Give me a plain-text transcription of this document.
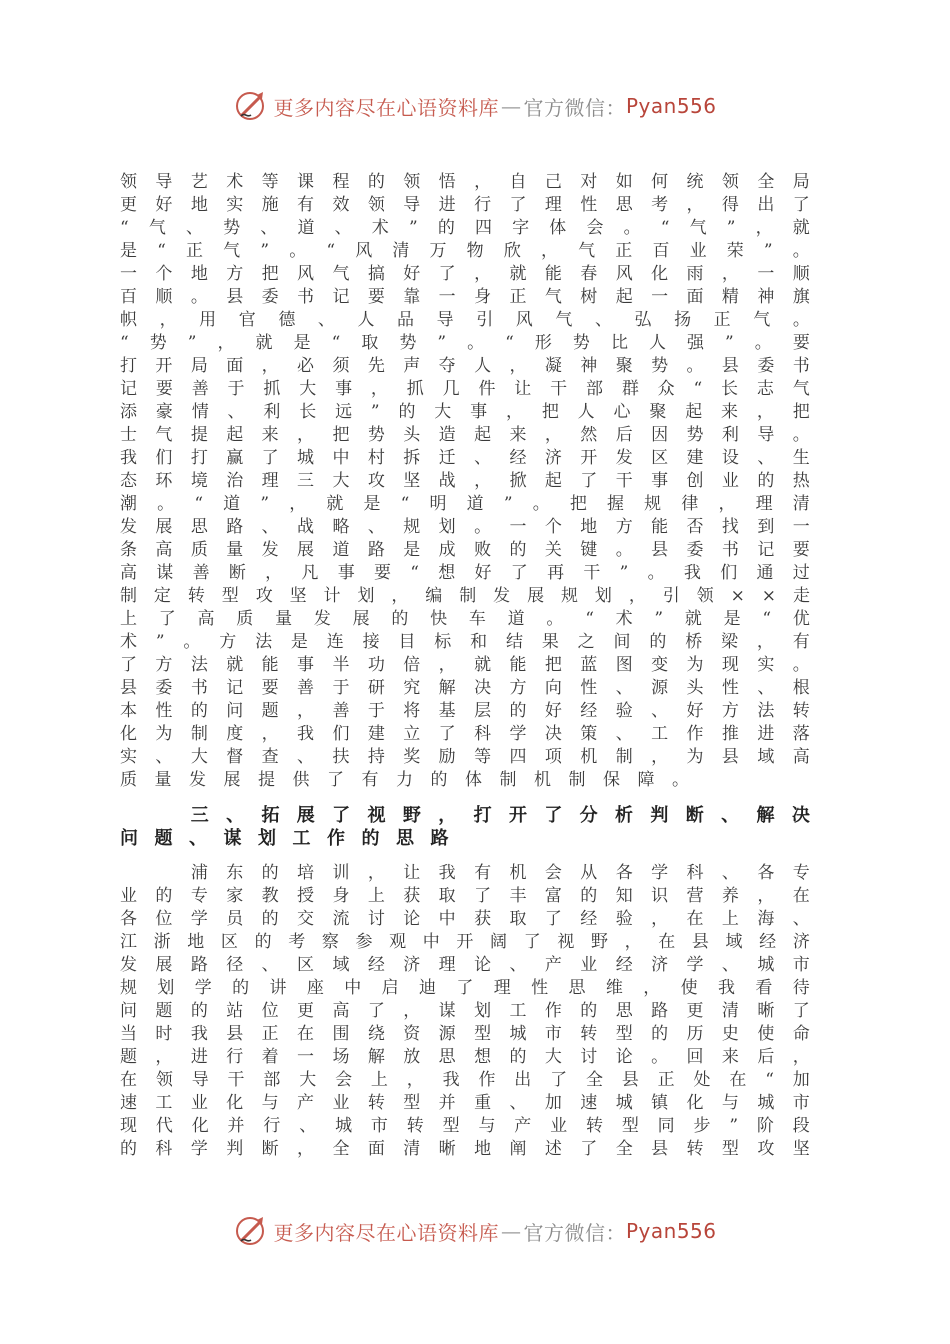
更多内容尽在心语资料库 — 官方微信： Pyan556
领 导 艺 术 等 课 程 的 领 悟 ， 自 己 对 如 何 统 领 全 局
更 好 地 实 施 有 效 领 导 进 行 了 理 性 思 考 ， 得 出 了
“ 气 、 势 、 道 、 术 ” 的 四 字 体 会 。 “ 气 ” ， 就
是 “ 正 气 ” 。 “ 风 清 万 物 欣 ， 气 正 百 业 荣 ” 。
一 个 地 方 把 风 气 搞 好 了 ， 就 能 春 风 化 雨 ， 一 顺
百 顺 。 县 委 书 记 要 靠 一 身 正 气 树 起 一 面 精 神 旗
帜 ， 用 官 德 、 人 品 导 引 风 气 、 弘 扬 正 气 。
“ 势 ” ， 就 是 “ 取 势 ” 。 “ 形 势 比 人 强 ” 。 要
打 开 局 面 ， 必 须 先 声 夺 人 ， 凝 神 聚 势 。 县 委 书
记 要 善 于 抓 大 事 ， 抓 几 件 让 干 部 群 众 “ 长 志 气
添 豪 情 、 利 长 远 ” 的 大 事 ， 把 人 心 聚 起 来 ， 把
士 气 提 起 来 ， 把 势 头 造 起 来 ， 然 后 因 势 利 导 。
我 们 打 赢 了 城 中 村 拆 迁 、 经 济 开 发 区 建 设 、 生
态 环 境 治 理 三 大 攻 坚 战 ， 掀 起 了 干 事 创 业 的 热
潮 。 “ 道 ” ， 就 是 “ 明 道 ” 。 把 握 规 律 ， 理 清
发 展 思 路 、 战 略 、 规 划 。 一 个 地 方 能 否 找 到 一
条 高 质 量 发 展 道 路 是 成 败 的 关 键 。 县 委 书 记 要
高 谋 善 断 ， 凡 事 要 “ 想 好 了 再 干 ” 。 我 们 通 过
制 定 转 型 攻 坚 计 划 ， 编 制 发 展 规 划 ， 引 领 × × 走
上 了 高 质 量 发 展 的 快 车 道 。 “ 术 ” 就 是 “ 优
术 ” 。 方 法 是 连 接 目 标 和 结 果 之 间 的 桥 梁 ， 有
了 方 法 就 能 事 半 功 倍 ， 就 能 把 蓝 图 变 为 现 实 。
县 委 书 记 要 善 于 研 究 解 决 方 向 性 、 源 头 性 、 根
本 性 的 问 题 ， 善 于 将 基 层 的 好 经 验 、 好 方 法 转
化 为 制 度 ， 我 们 建 立 了 科 学 决 策 、 工 作 推 进 落
实 、 大 督 查 、 扶 持 奖 励 等 四 项 机 制 ， 为 县 域 高
质	量	发	展	提	供	了	有	力	的	体	制	机	制	保	障	。

三 、 拓 展 了 视 野 ， 打 开 了 分 析 判 断 、 解 决
问 题 、 谋 划 工 作 的 思 路

浦 东 的 培 训 ， 让 我 有 机 会 从 各 学 科 、 各 专
业 的 专 家 教 授 身 上 获 取 了 丰 富 的 知 识 营 养 ， 在
各 位 学 员 的 交 流 讨 论 中 获 取 了 经 验 ， 在 上 海 、
江 浙 地 区 的 考 察 参 观 中 开 阔 了 视 野 ， 在 县 域 经 济
发 展 路 径 、 区 域 经 济 理 论 、 产 业 经 济 学 、 城 市
规 划 学 的 讲 座 中 启 迪 了 理 性 思 维 ， 使 我 看 待
问 题 的 站 位 更 高 了 ， 谋 划 工 作 的 思 路 更 清 晰 了
当 时 我 县 正 在 围 绕 资 源 型 城 市 转 型 的 历 史 使 命
题 ， 进 行 着 一 场 解 放 思 想 的 大 讨 论 。 回 来 后 ，
在 领 导 干 部 大 会 上 ， 我 作 出 了 全 县 正 处 在 “ 加
速 工 业 化 与 产 业 转 型 并 重 、 加 速 城 镇 化 与 城 市
现 代 化 并 行 、 城 市 转 型 与 产 业 转 型 同 步 ” 阶 段
的 科 学 判 断 ， 全 面 清 晰 地 阐 述 了 全 县 转 型 攻 坚
更多内容尽在心语资料库 — 官方微信： Pyan556
